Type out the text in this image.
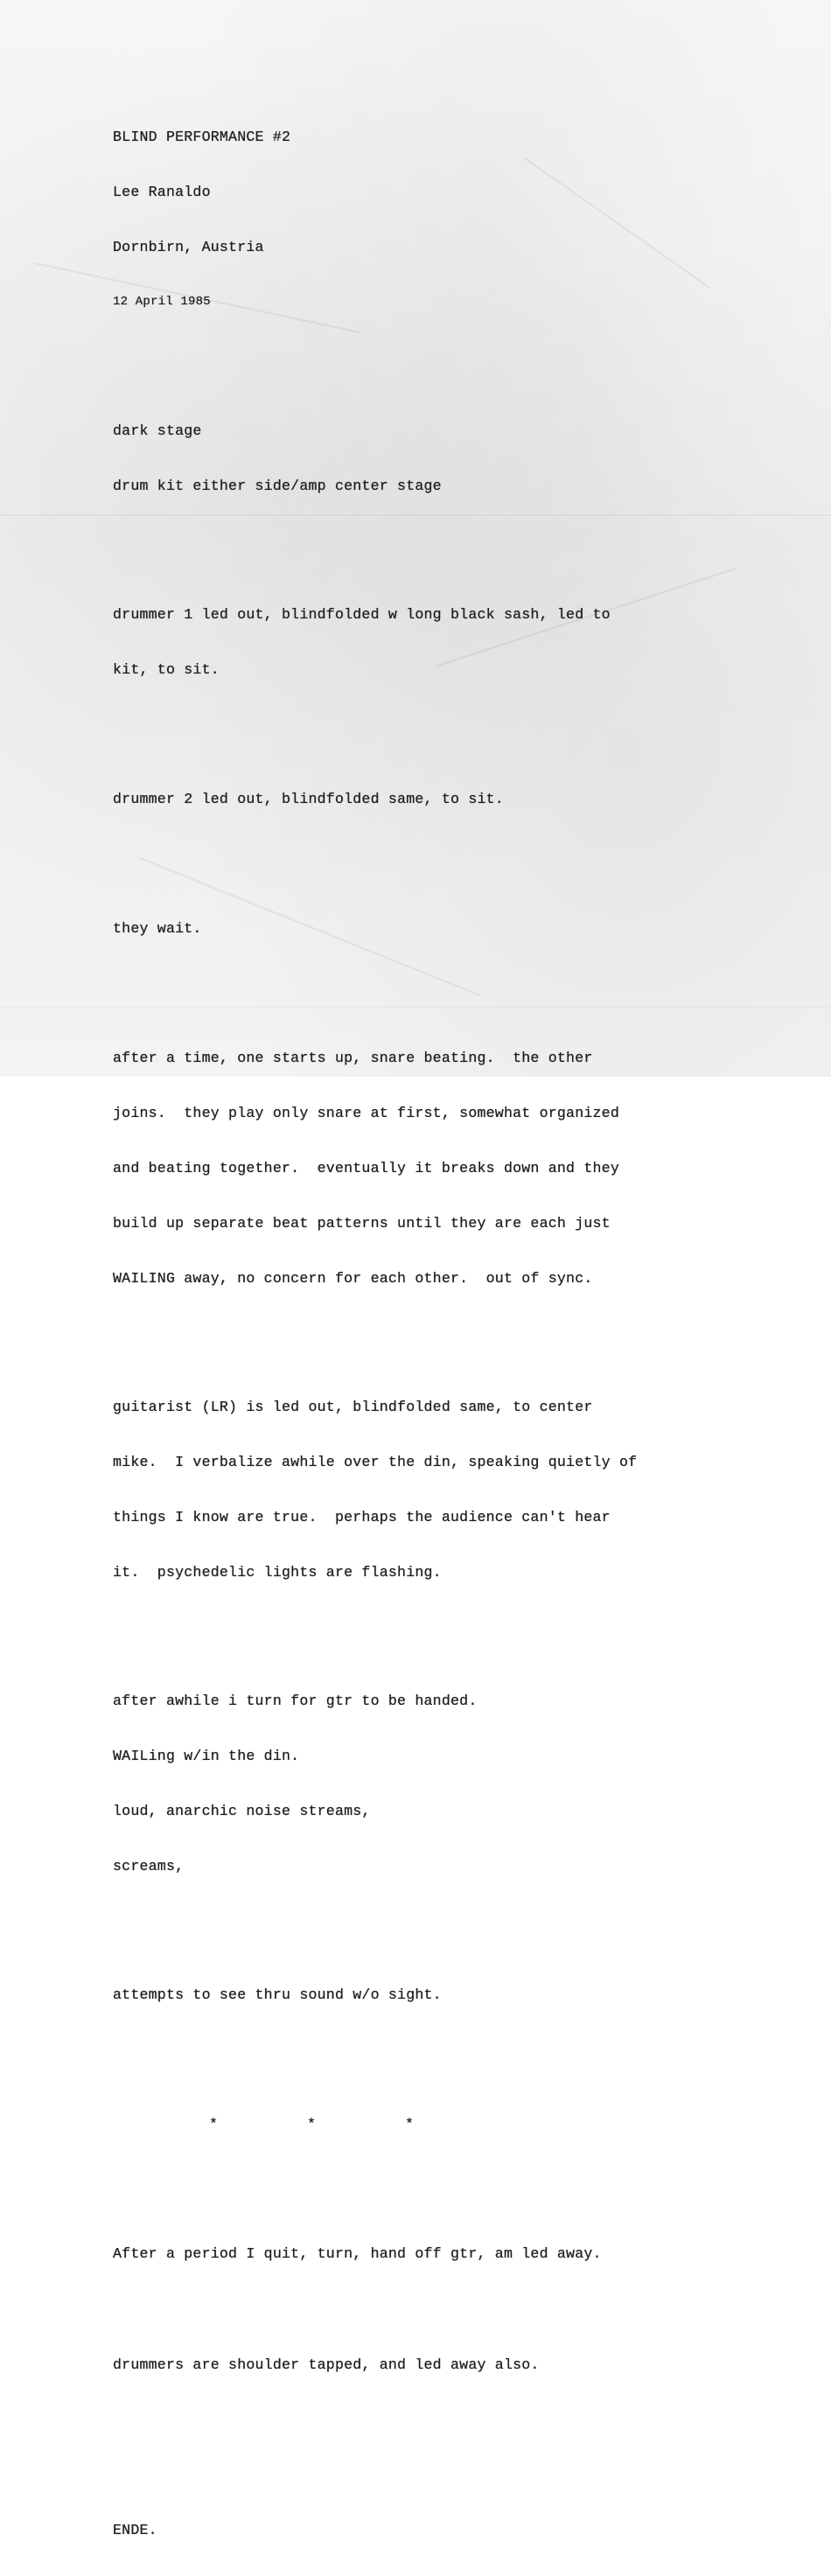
BLIND PERFORMANCE #2

Lee Ranaldo

Dornbirn, Austria

12 April 1985

dark stage

drum kit either side/amp center stage

drummer 1 led out, blindfolded w long black sash, led to

kit, to sit.

drummer 2 led out, blindfolded same, to sit.

they wait.

after a time, one starts up, snare beating.  the other

joins.  they play only snare at first, somewhat organized

and beating together.  eventually it breaks down and they

build up separate beat patterns until they are each just

WAILING away, no concern for each other.  out of sync.

guitarist (LR) is led out, blindfolded same, to center

mike.  I verbalize awhile over the din, speaking quietly of

things I know are true.  perhaps the audience can't hear

it.  psychedelic lights are flashing.

after awhile i turn for gtr to be handed.

WAILing w/in the din.

loud, anarchic noise streams,

screams,

attempts to see thru sound w/o sight.

*

	*

	*

After a period I quit, turn, hand off gtr, am led away.

drummers are shoulder tapped, and led away also.

ENDE.
